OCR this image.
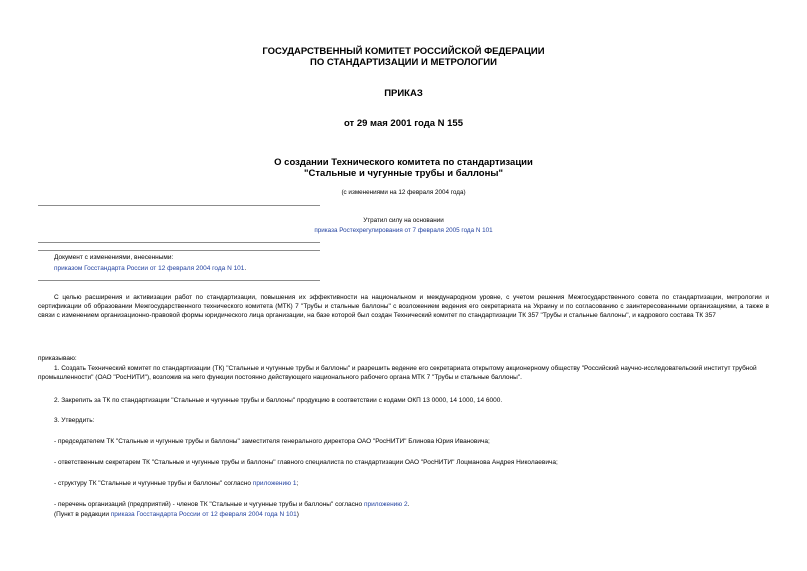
ГОСУДАРСТВЕННЫЙ КОМИТЕТ РОССИЙСКОЙ ФЕДЕРАЦИИ
ПО СТАНДАРТИЗАЦИИ И МЕТРОЛОГИИ
ПРИКАЗ
от 29 мая 2001 года N 155
О создании Технического комитета по стандартизации
"Стальные и чугунные трубы и баллоны"
(с изменениями на 12 февраля 2004 года)
Утратил силу на основании
приказа Ростехрегулирования от 7 февраля 2005 года N 101
Документ с изменениями, внесенными:
приказом Госстандарта России от 12 февраля 2004 года N 101.
С целью расширения и активизации работ по стандартизации, повышения их эффективности на национальном и международном уровне, с учетом решения Межгосударственного совета по стандартизации, метрологии и сертификации об образовании Межгосударственного технического комитета (МТК) 7 "Трубы и стальные баллоны" с возложением ведения его секретариата на Украину и по согласованию с заинтересованными организациями, а также в связи с изменением организационно-правовой формы юридического лица организации, на базе которой был создан Технический комитет по стандартизации ТК 357 "Трубы и стальные баллоны", и кадрового состава ТК 357
приказываю:
1. Создать Технический комитет по стандартизации (ТК) "Стальные и чугунные трубы и баллоны" и разрешить ведение его секретариата открытому акционерному обществу "Российский научно-исследовательский институт трубной промышленности" (ОАО "РосНИТИ"), возложив на него функции постоянно действующего национального рабочего органа МТК 7 "Трубы и стальные баллоны".
2. Закрепить за ТК по стандартизации "Стальные и чугунные трубы и баллоны" продукцию в соответствии с кодами ОКП 13 0000, 14 1000, 14 6000.
3. Утвердить:
- председателем ТК "Стальные и чугунные трубы и баллоны" заместителя генерального директора ОАО "РосНИТИ" Блинова Юрия Ивановича;
- ответственным секретарем ТК "Стальные и чугунные трубы и баллоны" главного специалиста по стандартизации ОАО "РосНИТИ" Лоцманова Андрея Николаевича;
- структуру ТК "Стальные и чугунные трубы и баллоны" согласно приложению 1;
- перечень организаций (предприятий) - членов ТК "Стальные и чугунные трубы и баллоны" согласно приложению 2.
(Пункт в редакции приказа Госстандарта России от 12 февраля 2004 года N 101)
